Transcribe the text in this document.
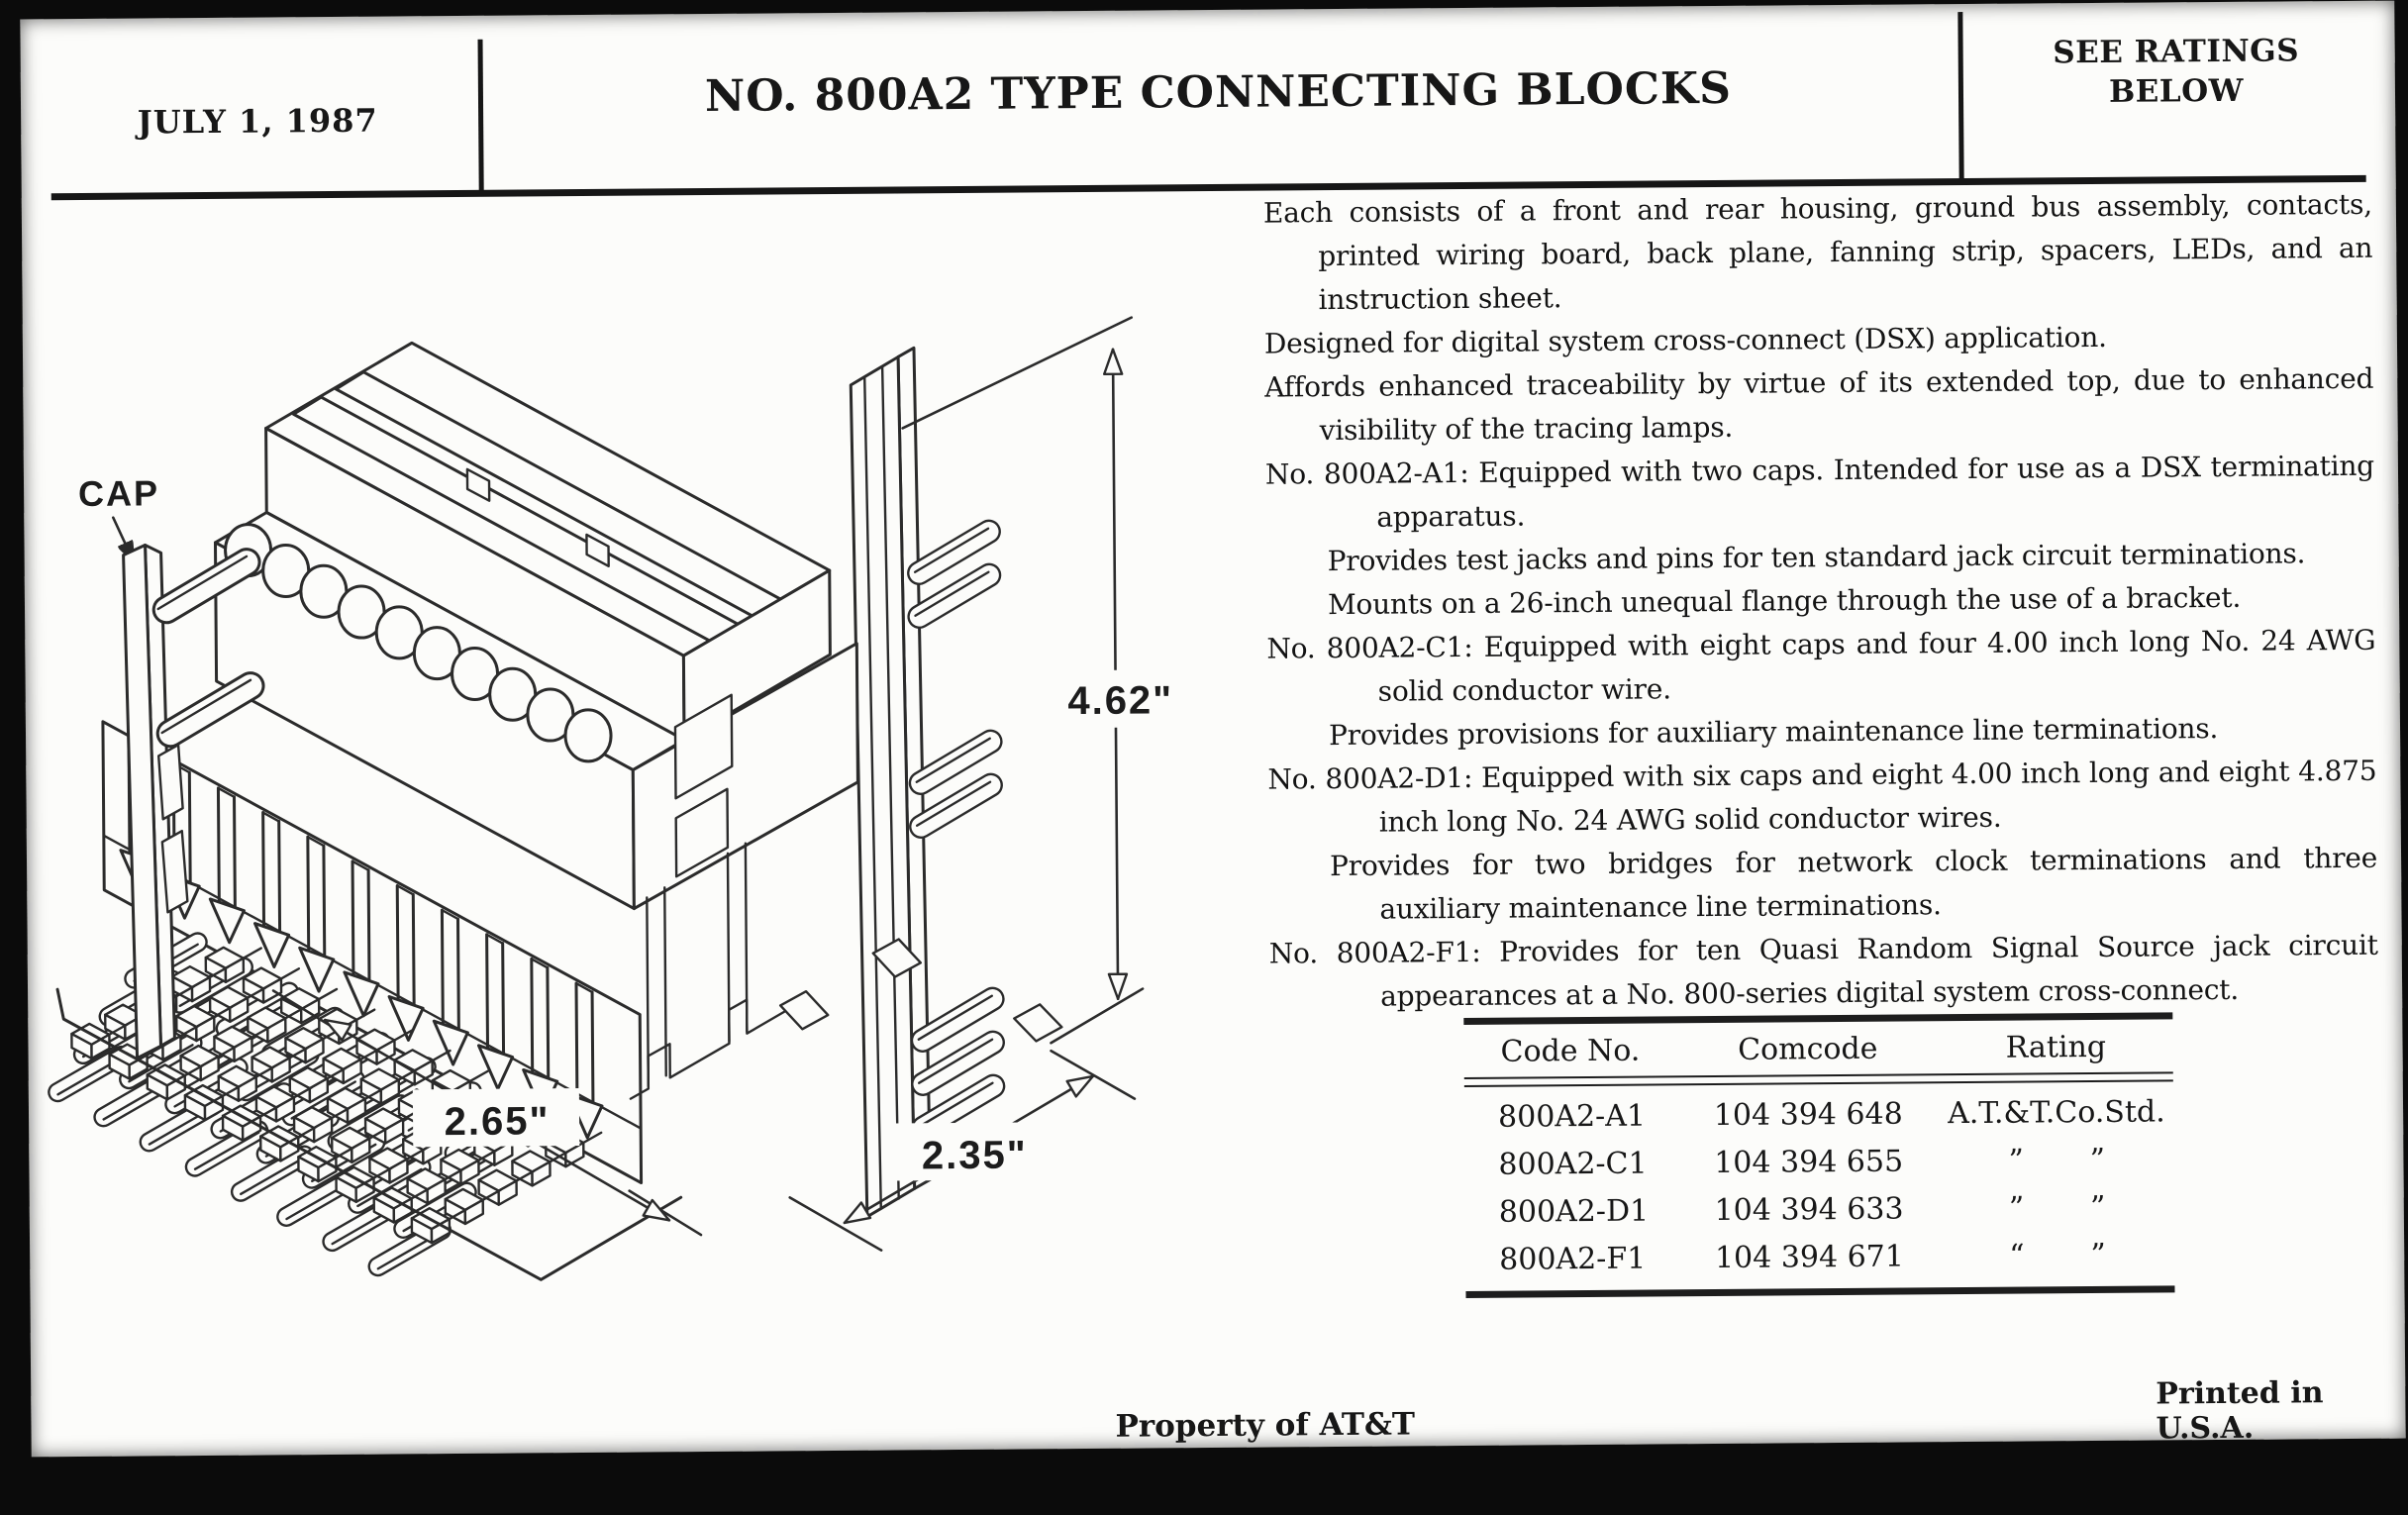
JULY 1, 1987	NO. 800A2 TYPE CONNECTING BLOCKS
SEE RATINGS
BELOW
CAP
4.62"
2.65"
2.35"
Each consists of a front and rear housing, ground bus assembly, contacts, printed wiring board, back plane, fanning strip, spacers, LEDs, and an instruction sheet.
Designed for digital system cross-connect (DSX) application.
Affords enhanced traceability by virtue of its extended top, due to enhanced visibility of the tracing lamps.
No. 800A2-A1: Equipped with two caps. Intended for use as a DSX terminating apparatus.
Provides test jacks and pins for ten standard jack circuit terminations.
Mounts on a 26-inch unequal flange through the use of a bracket.
No. 800A2-C1: Equipped with eight caps and four 4.00 inch long No. 24 AWG solid conductor wire.
Provides provisions for auxiliary maintenance line terminations.
No. 800A2-D1: Equipped with six caps and eight 4.00 inch long and eight 4.875 inch long No. 24 AWG solid conductor wires.
Provides for two bridges for network clock terminations and three auxiliary maintenance line terminations.
No. 800A2-F1: Provides for ten Quasi Random Signal Source jack circuit appearances at a No. 800-series digital system cross-connect.
Code No.	Comcode	Rating
800A2-A1	104 394 648	A.T.&T.Co.Std.
800A2-C1	104 394 655	”       ”
800A2-D1	104 394 633	”       ”
800A2-F1	104 394 671	“       ”
Property of AT&T
Printed in U.S.A.
